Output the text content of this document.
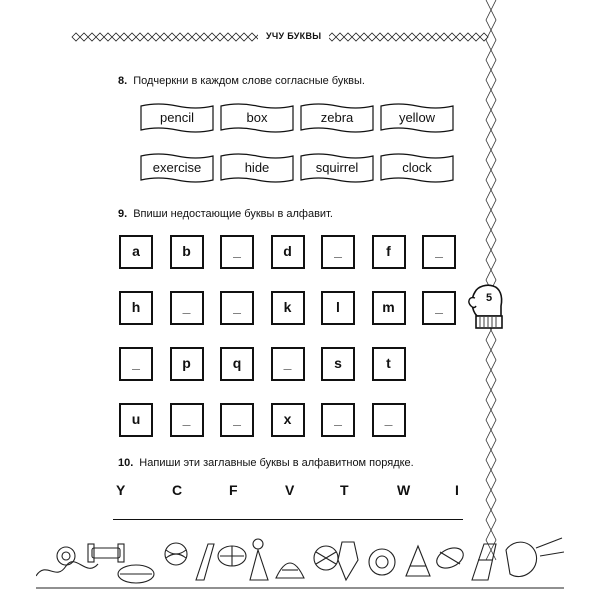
УЧУ БУКВЫ
5
8. Подчеркни в каждом слове согласные буквы.
pencil	box	zebra	yellow
exercise	hide	squirrel	clock
9. Впиши недостающие буквы в алфавит.
a	b	_	d	_	f	_
h	_	_	k	l	m	_
_	p	q	_	s	t
u	_	_	x	_	_
10. Напиши эти заглавные буквы в алфавитном порядке.
Y	C	F	V	T	W	I
